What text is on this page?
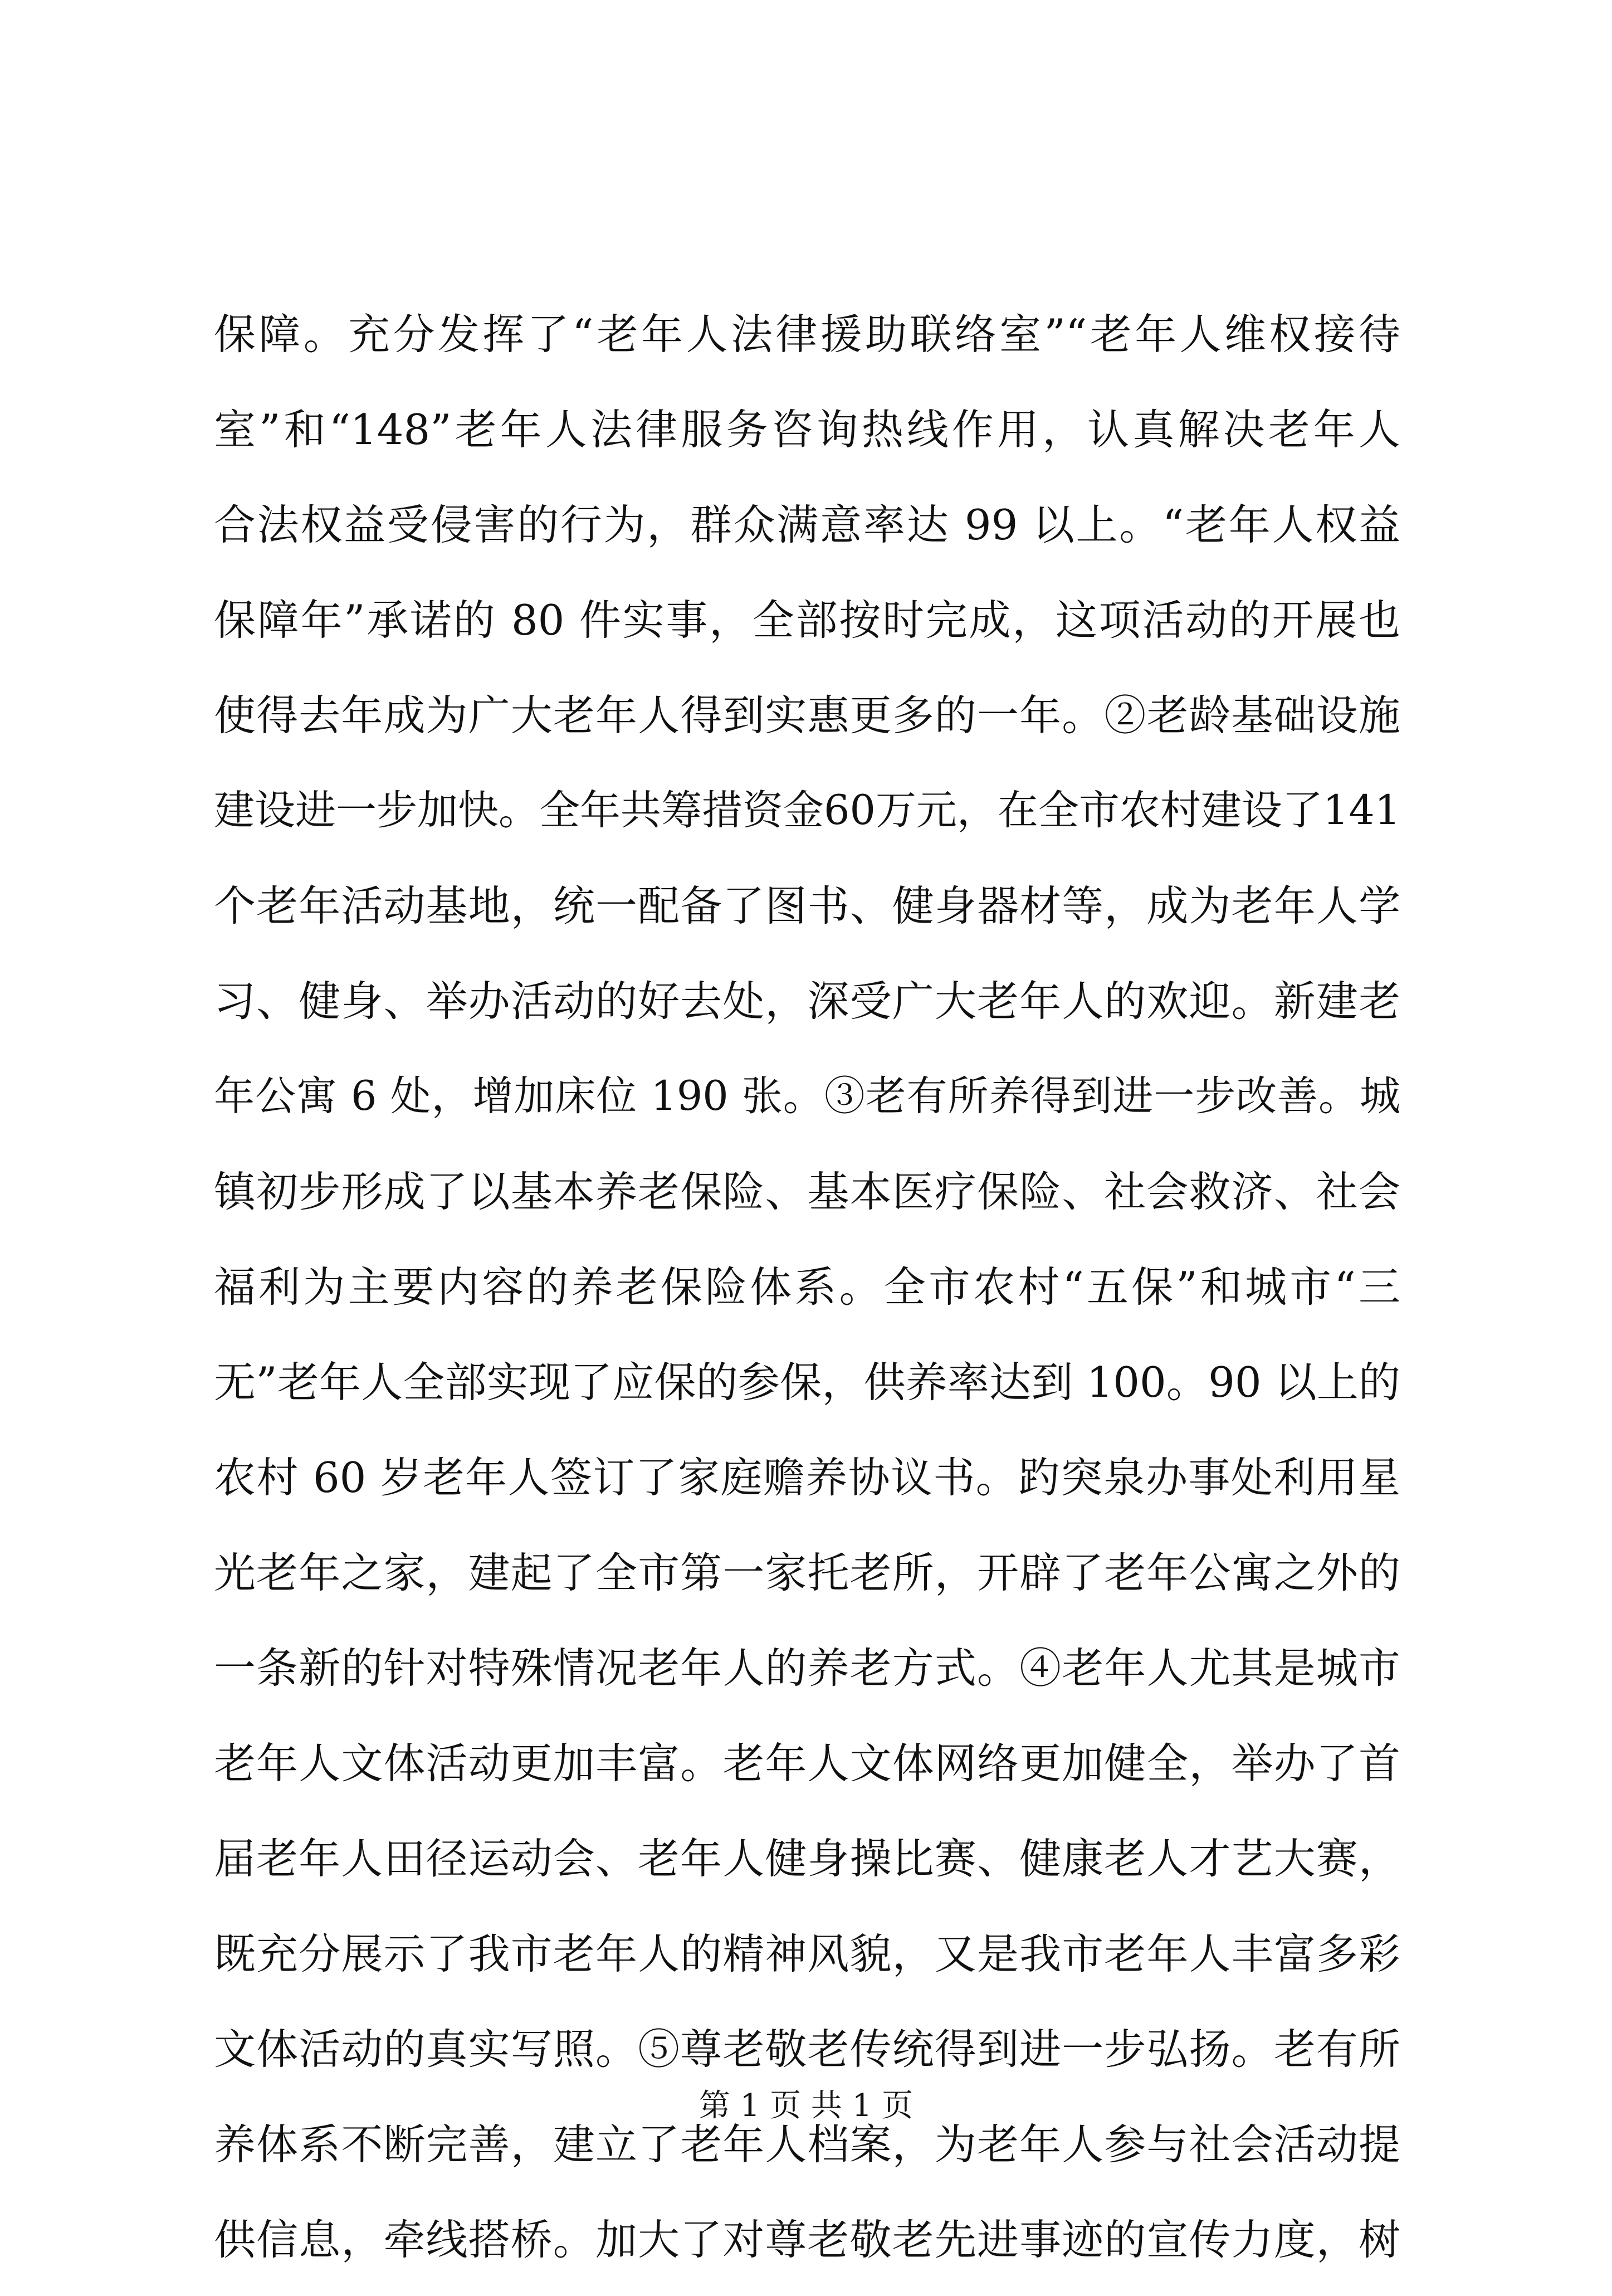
保障。充分发挥了“老年人法律援助联络室”“老年人维权接待
室”和“148”老年人法律服务咨询热线作用，认真解决老年人
合法权益受侵害的行为，群众满意率达 99 以上。“老年人权益
保障年”承诺的 80 件实事，全部按时完成，这项活动的开展也
使得去年成为广大老年人得到实惠更多的一年。②老龄基础设施
建设进一步加快。全年共筹措资金60万元，在全市农村建设了141
个老年活动基地，统一配备了图书、健身器材等，成为老年人学
习、健身、举办活动的好去处，深受广大老年人的欢迎。新建老
年公寓 6 处，增加床位 190 张。③老有所养得到进一步改善。城
镇初步形成了以基本养老保险、基本医疗保险、社会救济、社会
福利为主要内容的养老保险体系。全市农村“五保”和城市“三
无”老年人全部实现了应保的参保，供养率达到 100。90 以上的
农村 60 岁老年人签订了家庭赡养协议书。趵突泉办事处利用星
光老年之家，建起了全市第一家托老所，开辟了老年公寓之外的
一条新的针对特殊情况老年人的养老方式。④老年人尤其是城市
老年人文体活动更加丰富。老年人文体网络更加健全，举办了首
届老年人田径运动会、老年人健身操比赛、健康老人才艺大赛，
既充分展示了我市老年人的精神风貌，又是我市老年人丰富多彩
文体活动的真实写照。⑤尊老敬老传统得到进一步弘扬。老有所
养体系不断完善，建立了老年人档案，为老年人参与社会活动提
供信息，牵线搭桥。加大了对尊老敬老先进事迹的宣传力度，树
第 1 页 共 1 页
